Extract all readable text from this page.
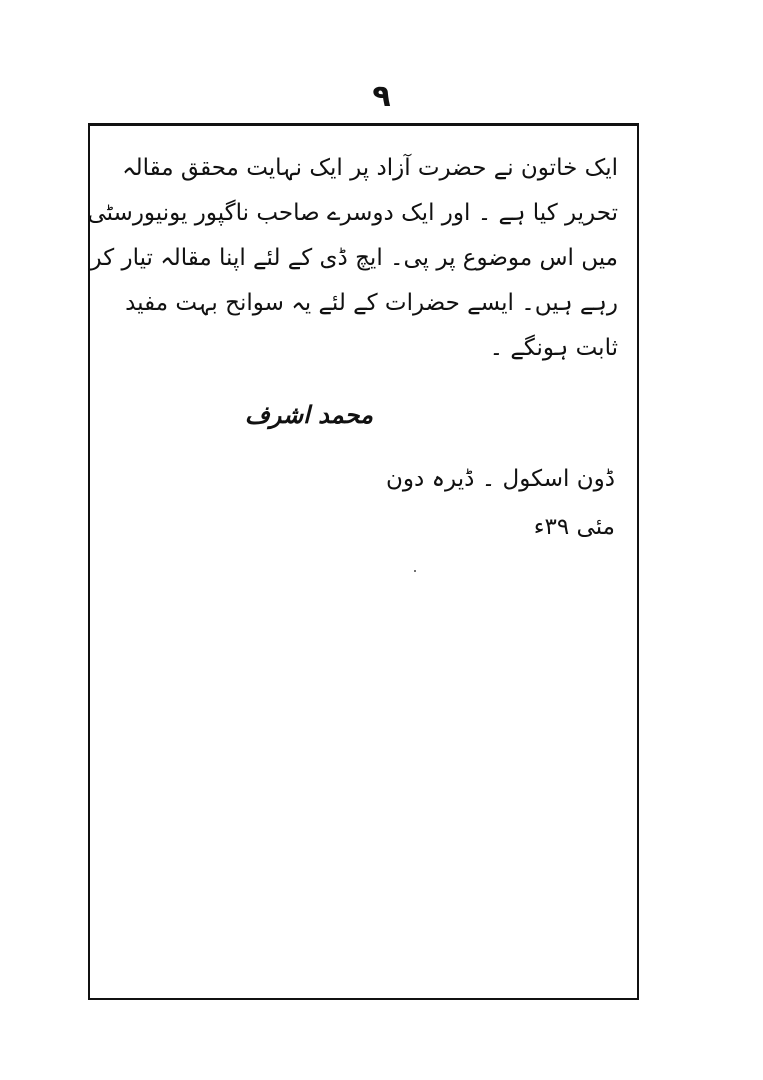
۹
ایک خاتون نے حضرت آزاد پر ایک نہایت محقق مقالہ
تحریر کیا ہے ۔ اور ایک دوسرے صاحب ناگپور یونیورسٹی
میں اس موضوع پر پی۔ ایچ ڈی کے لئے اپنا مقالہ تیار کر
رہے ہیں۔ ایسے حضرات کے لئے یہ سوانح بہت مفید
ثابت ہونگے ۔
محمد اشرف
ڈون اسکول ۔ ڈیرہ دون
مئی ۳۹ء
